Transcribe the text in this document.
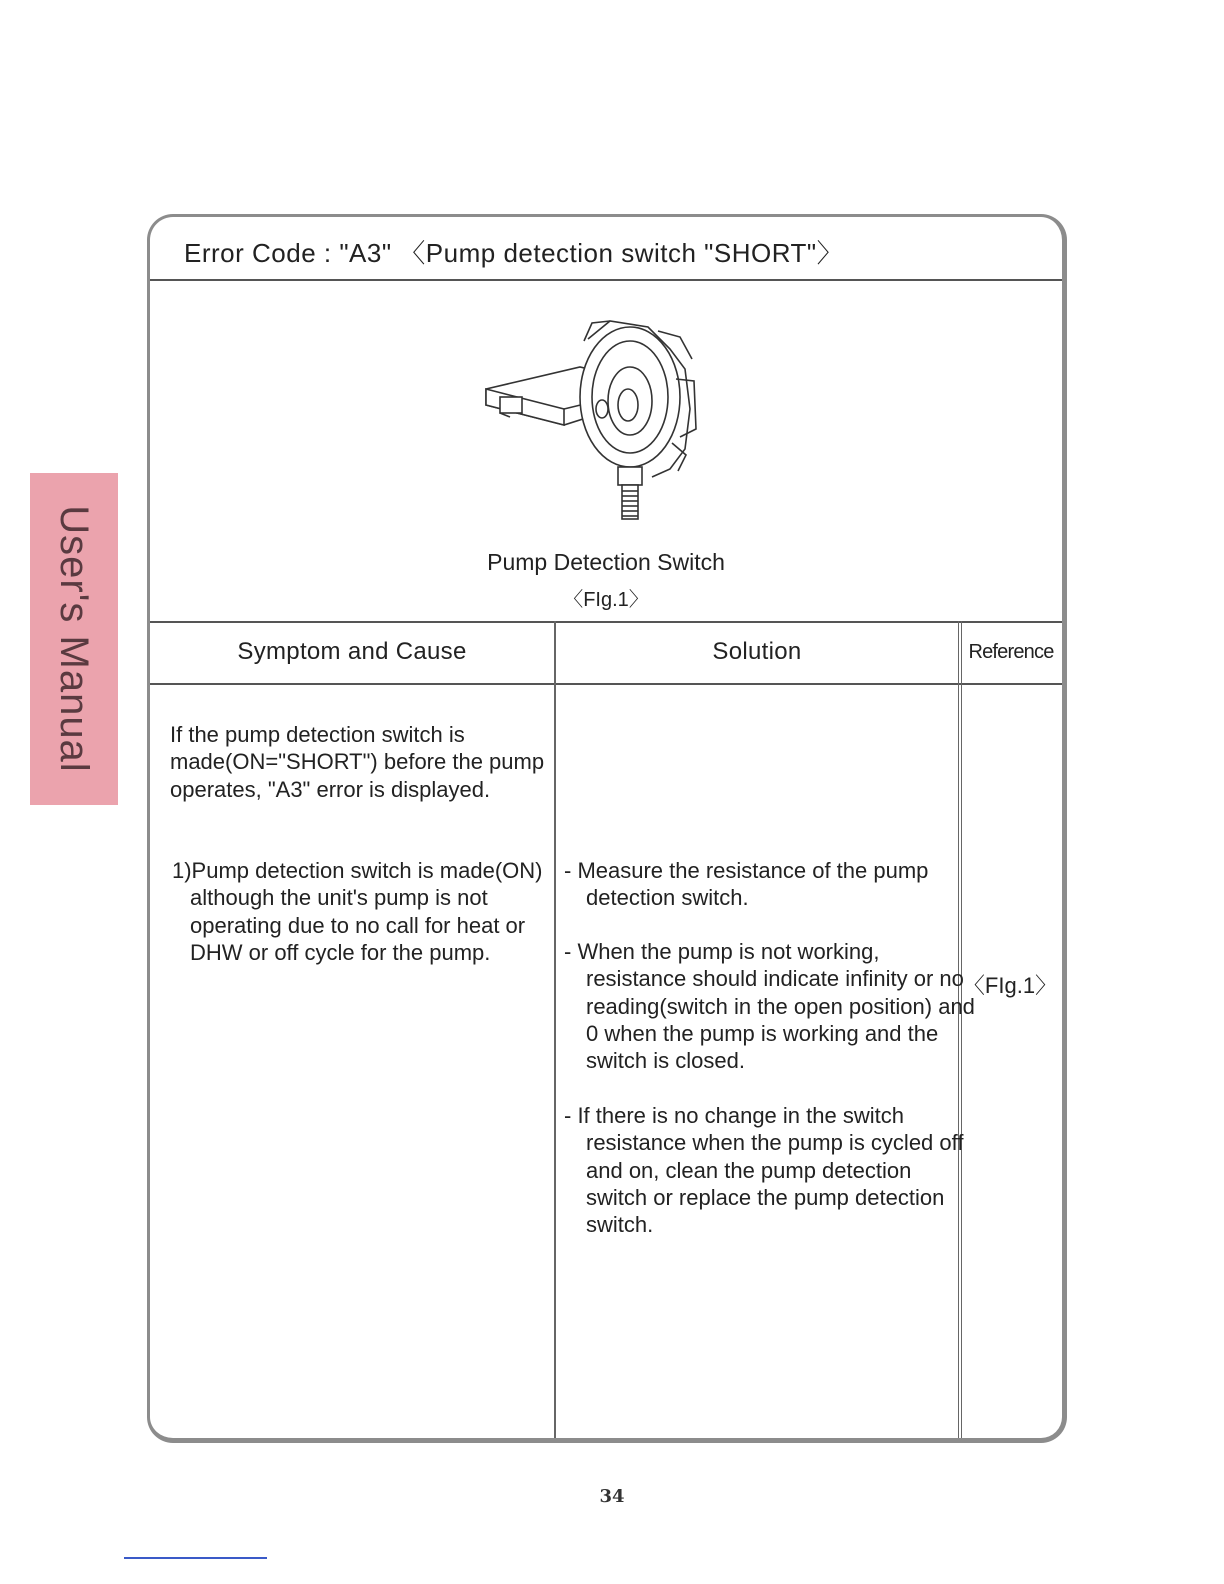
User's Manual
Error Code : "A3" 〈Pump detection switch "SHORT"〉
Pump Detection Switch
〈FIg.1〉
Symptom and Cause	Solution	Reference
If the pump detection switch is made(ON="SHORT") before the pump operates, "A3" error is displayed.
1)Pump detection switch is made(ON) although the unit's pump is not operating due to no call for heat or DHW or off cycle for the pump.
- Measure the resistance of the pump detection switch.
- When the pump is not working, resistance should indicate infinity or no reading(switch in the open position) and 0 when the pump is working and the switch is closed.
- If there is no change in the switch resistance when the pump is cycled off and on, clean the pump detection switch or replace the pump detection switch.
〈FIg.1〉
34
